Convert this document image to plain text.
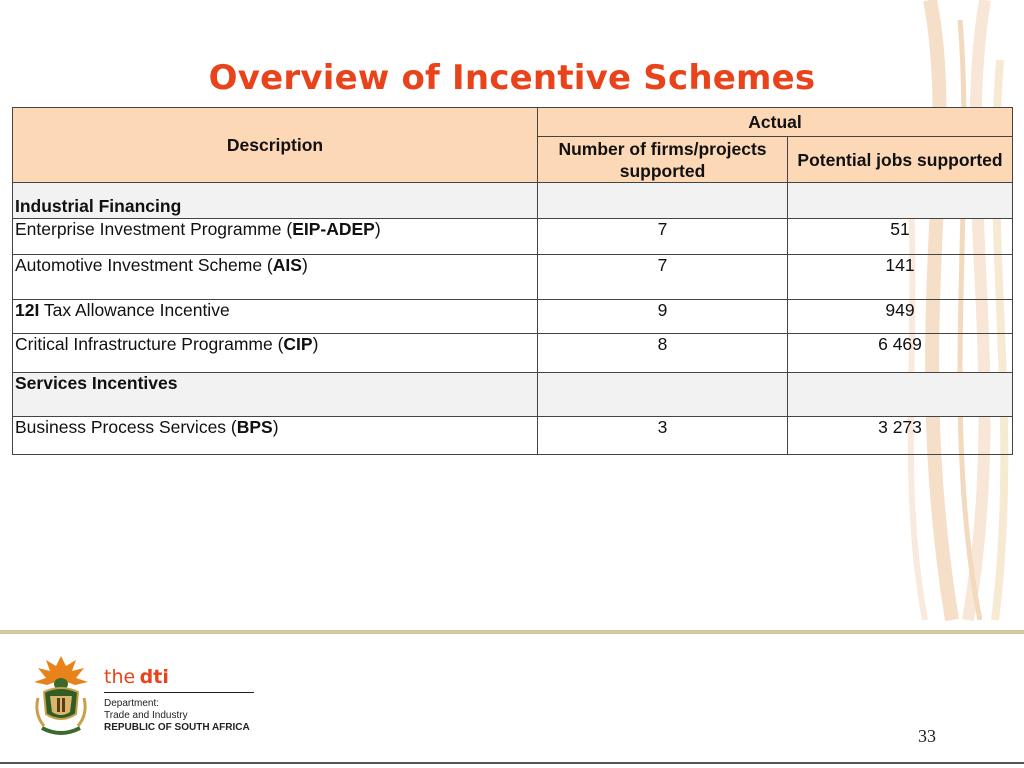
Overview of Incentive Schemes
Description	Actual	
	Number of firms/projects supported	Potential jobs supported
Industrial Financing		
Enterprise Investment Programme (EIP-ADEP)	7	51
Automotive Investment Scheme (AIS)	7	141
12I Tax Allowance Incentive	9	949
Critical Infrastructure Programme (CIP)	8	6 469
Services Incentives		
Business Process Services (BPS)	3	3 273
the dti
Department:
Trade and Industry
REPUBLIC OF SOUTH AFRICA	33
